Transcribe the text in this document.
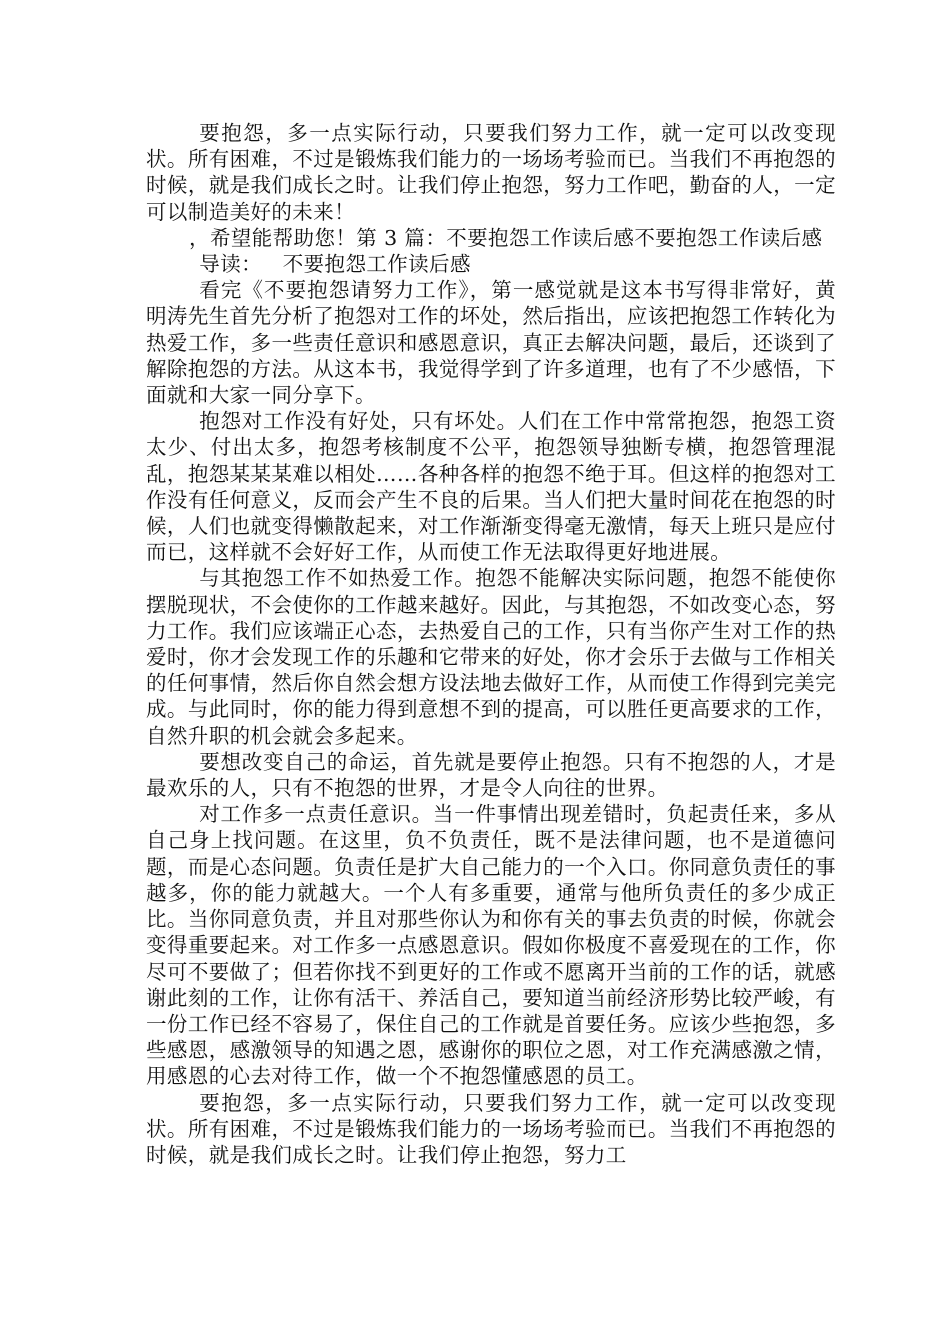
要抱怨，多一点实际行动，只要我们努力工作，就一定可以改变现状。所有困难，不过是锻炼我们能力的一场场考验而已。当我们不再抱怨的时候，就是我们成长之时。让我们停止抱怨，努力工作吧，勤奋的人，一定可以制造美好的未来！

，希望能帮助您！第 3 篇：不要抱怨工作读后感不要抱怨工作读后感

导读：   不要抱怨工作读后感

看完《不要抱怨请努力工作》，第一感觉就是这本书写得非常好，黄明涛先生首先分析了抱怨对工作的坏处，然后指出，应该把抱怨工作转化为热爱工作，多一些责任意识和感恩意识，真正去解决问题，最后，还谈到了解除抱怨的方法。从这本书，我觉得学到了许多道理，也有了不少感悟，下面就和大家一同分享下。

抱怨对工作没有好处，只有坏处。人们在工作中常常抱怨，抱怨工资太少、付出太多，抱怨考核制度不公平，抱怨领导独断专横，抱怨管理混乱，抱怨某某某难以相处……各种各样的抱怨不绝于耳。但这样的抱怨对工作没有任何意义，反而会产生不良的后果。当人们把大量时间花在抱怨的时候，人们也就变得懒散起来，对工作渐渐变得毫无激情，每天上班只是应付而已，这样就不会好好工作，从而使工作无法取得更好地进展。

与其抱怨工作不如热爱工作。抱怨不能解决实际问题，抱怨不能使你摆脱现状，不会使你的工作越来越好。因此，与其抱怨，不如改变心态，努力工作。我们应该端正心态，去热爱自己的工作，只有当你产生对工作的热爱时，你才会发现工作的乐趣和它带来的好处，你才会乐于去做与工作相关的任何事情，然后你自然会想方设法地去做好工作，从而使工作得到完美完成。与此同时，你的能力得到意想不到的提高，可以胜任更高要求的工作，自然升职的机会就会多起来。

要想改变自己的命运，首先就是要停止抱怨。只有不抱怨的人，才是最欢乐的人，只有不抱怨的世界，才是令人向往的世界。

对工作多一点责任意识。当一件事情出现差错时，负起责任来，多从自己身上找问题。在这里，负不负责任，既不是法律问题，也不是道德问题，而是心态问题。负责任是扩大自己能力的一个入口。你同意负责任的事越多，你的能力就越大。一个人有多重要，通常与他所负责任的多少成正比。当你同意负责，并且对那些你认为和你有关的事去负责的时候，你就会变得重要起来。对工作多一点感恩意识。假如你极度不喜爱现在的工作，你尽可不要做了；但若你找不到更好的工作或不愿离开当前的工作的话，就感谢此刻的工作，让你有活干、养活自己，要知道当前经济形势比较严峻，有一份工作已经不容易了，保住自己的工作就是首要任务。应该少些抱怨，多些感恩，感激领导的知遇之恩，感谢你的职位之恩，对工作充满感激之情，用感恩的心去对待工作，做一个不抱怨懂感恩的员工。

要抱怨，多一点实际行动，只要我们努力工作，就一定可以改变现状。所有困难，不过是锻炼我们能力的一场场考验而已。当我们不再抱怨的时候，就是我们成长之时。让我们停止抱怨，努力工
